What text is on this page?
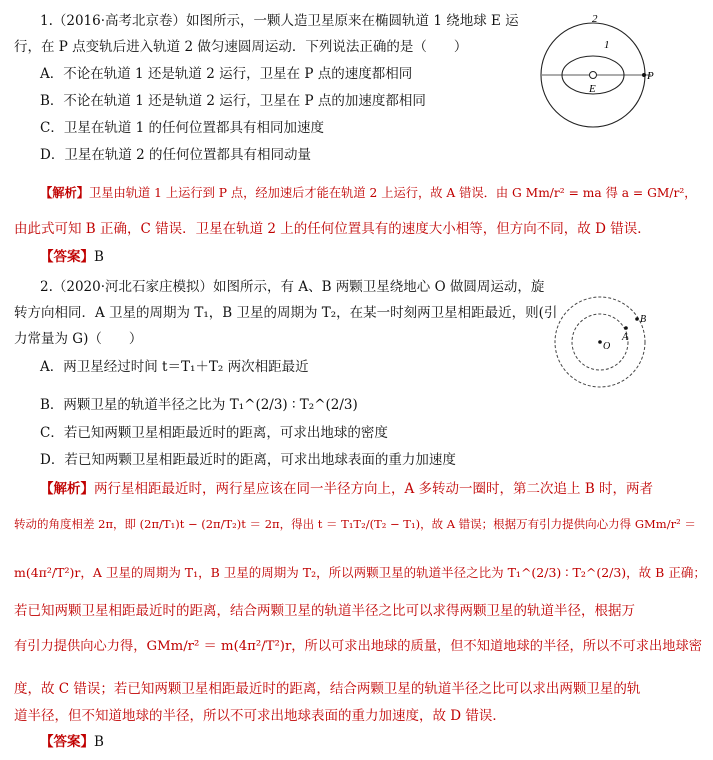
1.（2016·高考北京卷）如图所示，一颗人造卫星原来在椭圆轨道 1 绕地球 E 运
行，在 P 点变轨后进入轨道 2 做匀速圆周运动．下列说法正确的是（　　）
A．不论在轨道 1 还是轨道 2 运行，卫星在 P 点的速度都相同
B．不论在轨道 1 还是轨道 2 运行，卫星在 P 点的加速度都相同
C．卫星在轨道 1 的任何位置都具有相同加速度
D．卫星在轨道 2 的任何位置都具有相同动量
2
1
E
P
【解析】卫星由轨道 1 上运行到 P 点，经加速后才能在轨道 2 上运行，故 A 错误．由 G Mm/r² = ma 得 a = GM/r²，
由此式可知 B 正确，C 错误．卫星在轨道 2 上的任何位置具有的速度大小相等，但方向不同，故 D 错误．
【答案】B
2.（2020·河北石家庄模拟）如图所示，有 A、B 两颗卫星绕地心 O 做圆周运动，旋
转方向相同．A 卫星的周期为 T₁，B 卫星的周期为 T₂，在某一时刻两卫星相距最近，则(引
力常量为 G)（　　）
A．两卫星经过时间 t＝T₁＋T₂ 两次相距最近
B．两颗卫星的轨道半径之比为 T₁^(2/3) ∶ T₂^(2/3)
C．若已知两颗卫星相距最近时的距离，可求出地球的密度
D．若已知两颗卫星相距最近时的距离，可求出地球表面的重力加速度
O
A
B
【解析】两行星相距最近时，两行星应该在同一半径方向上，A 多转动一圈时，第二次追上 B 时，两者
转动的角度相差 2π，即 (2π/T₁)t − (2π/T₂)t ＝ 2π，得出 t ＝ T₁T₂/(T₂ − T₁)，故 A 错误；根据万有引力提供向心力得 GMm/r² ＝
m(4π²/T²)r，A 卫星的周期为 T₁，B 卫星的周期为 T₂，所以两颗卫星的轨道半径之比为 T₁^(2/3) ∶ T₂^(2/3)，故 B 正确；
若已知两颗卫星相距最近时的距离，结合两颗卫星的轨道半径之比可以求得两颗卫星的轨道半径，根据万
有引力提供向心力得，GMm/r² ＝ m(4π²/T²)r，所以可求出地球的质量，但不知道地球的半径，所以不可求出地球密
度，故 C 错误；若已知两颗卫星相距最近时的距离，结合两颗卫星的轨道半径之比可以求出两颗卫星的轨
道半径，但不知道地球的半径，所以不可求出地球表面的重力加速度，故 D 错误．
【答案】B
